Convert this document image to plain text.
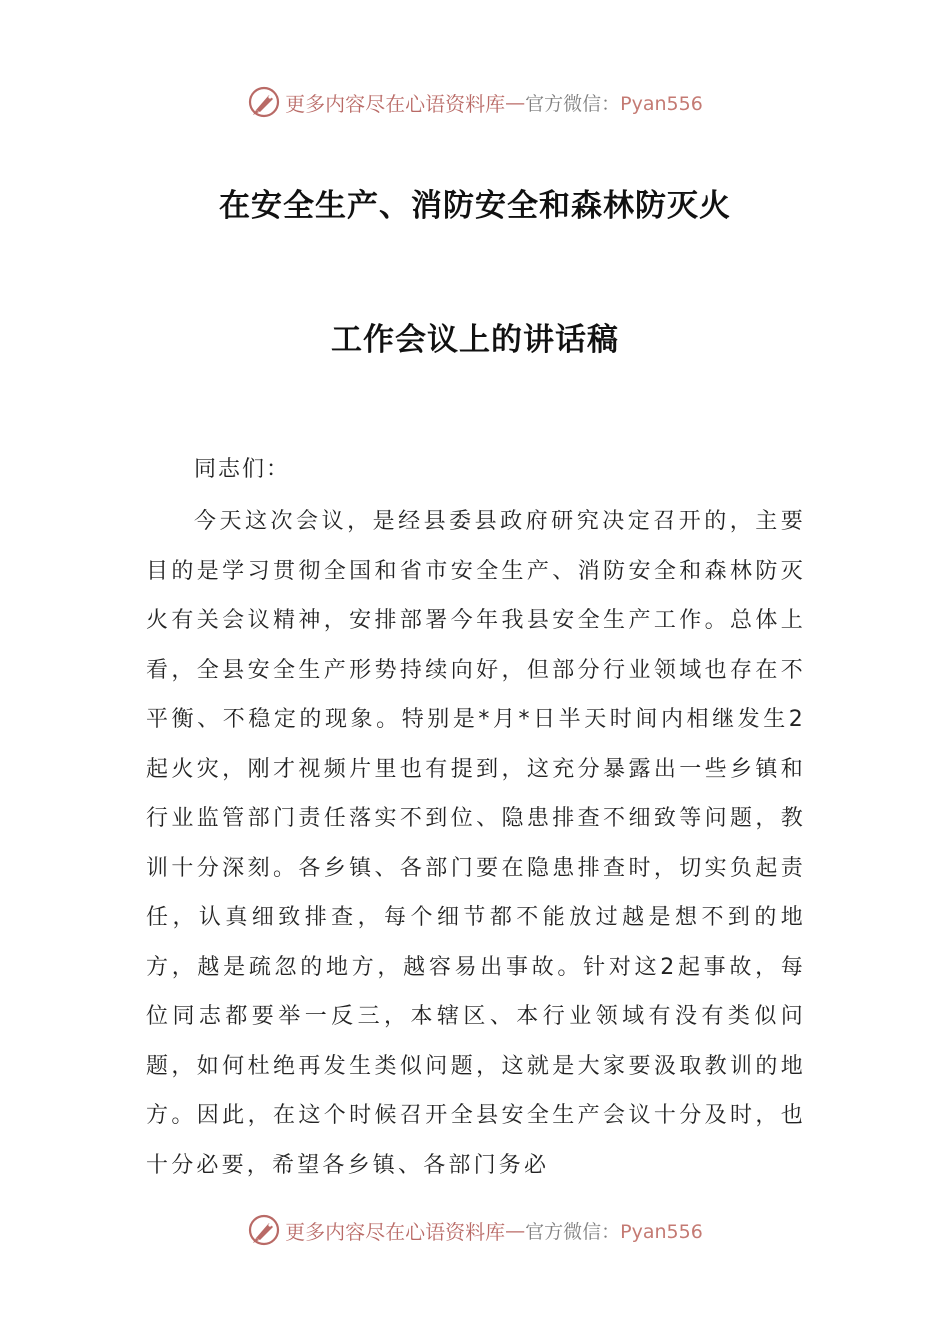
更多内容尽在心语资料库 — 官方微信：Pyan556
在安全生产、消防安全和森林防灭火
工作会议上的讲话稿
同志们：
今天这次会议，是经县委县政府研究决定召开的，主要目的是学习贯彻全国和省市安全生产、消防安全和森林防灭火有关会议精神，安排部署今年我县安全生产工作。总体上看，全县安全生产形势持续向好，但部分行业领域也存在不平衡、不稳定的现象。特别是*月*日半天时间内相继发生2起火灾，刚才视频片里也有提到，这充分暴露出一些乡镇和行业监管部门责任落实不到位、隐患排查不细致等问题，教训十分深刻。各乡镇、各部门要在隐患排查时，切实负起责任，认真细致排查，每个细节都不能放过越是想不到的地方，越是疏忽的地方，越容易出事故。针对这2起事故，每位同志都要举一反三，本辖区、本行业领域有没有类似问题，如何杜绝再发生类似问题，这就是大家要汲取教训的地方。因此，在这个时候召开全县安全生产会议十分及时，也十分必要，希望各乡镇、各部门务必
更多内容尽在心语资料库 — 官方微信：Pyan556
